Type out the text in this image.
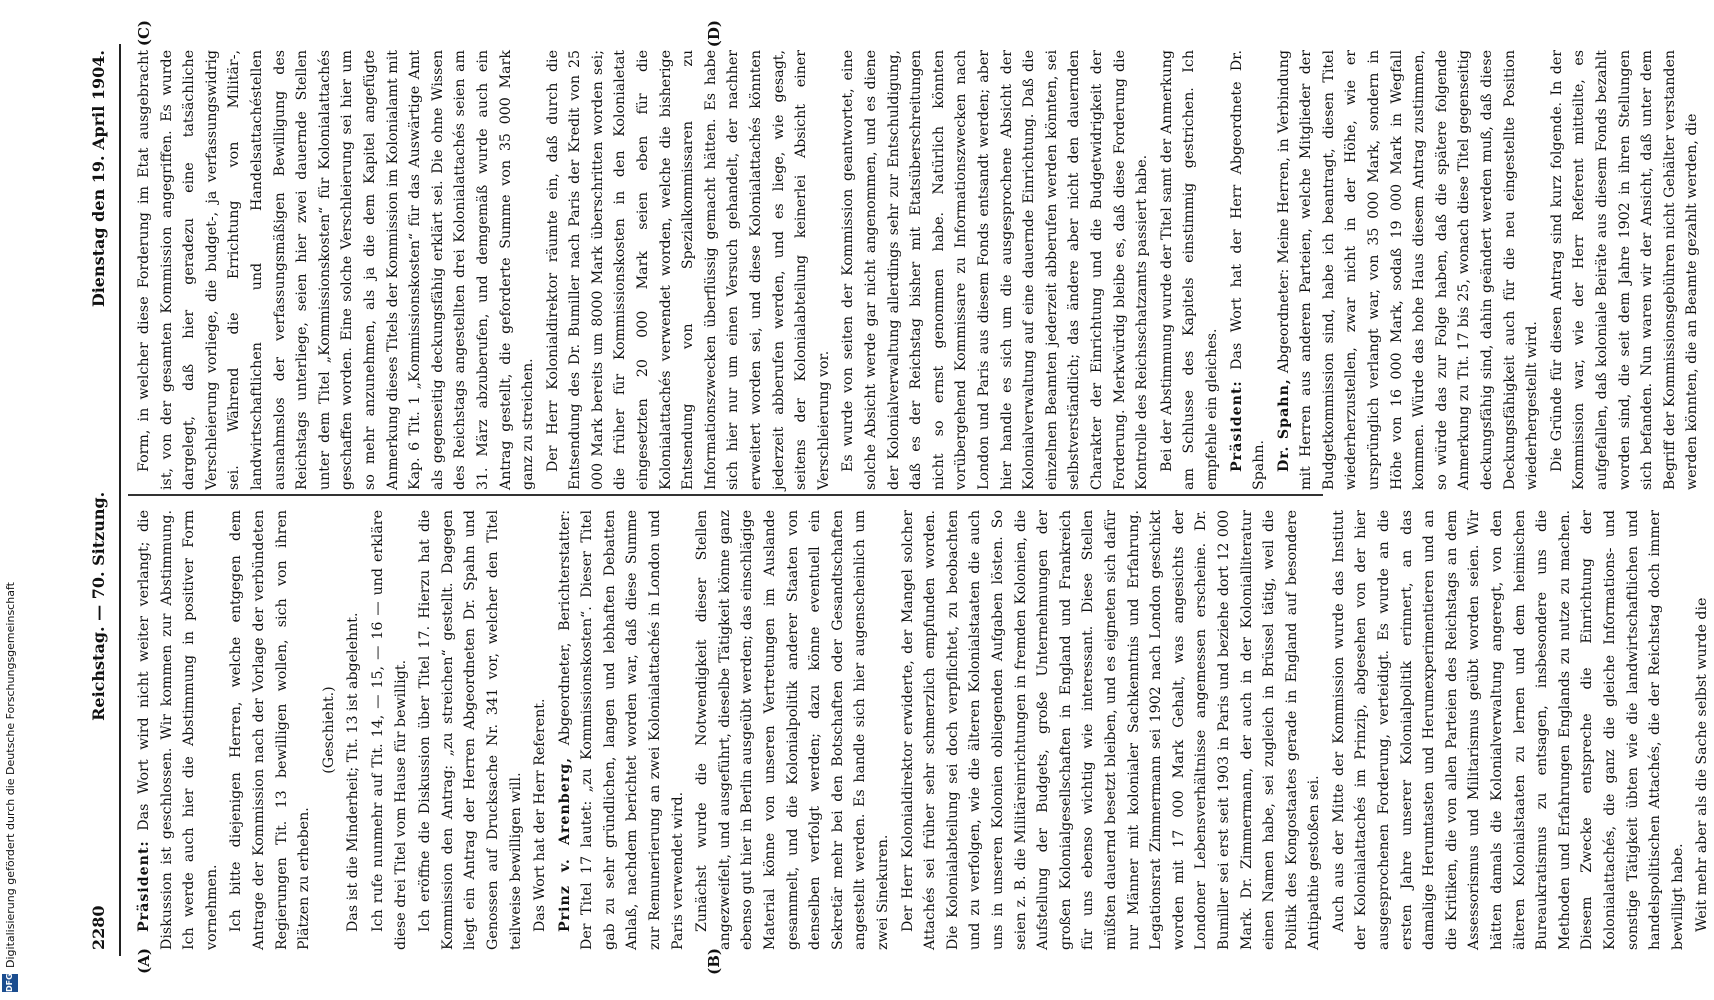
2280
Reichstag. — 70. Sitzung.
Dienstag den 19. April 1904.
(A)	(B)
(C)	(D)

Präsident: Das Wort wird nicht weiter verlangt; die Diskussion ist geschlossen. Wir kommen zur Abstimmung. Ich werde auch hier die Abstimmung in positiver Form vornehmen. Ich bitte diejenigen Herren, welche entgegen dem Antrage der Kommission nach der Vorlage der verbündeten Regierungen Tit. 13 bewilligen wollen, sich von ihren Plätzen zu erheben.

(Geschieht.) Das ist die Minderheit; Tit. 13 ist abgelehnt. Ich rufe nunmehr auf Tit. 14, — 15, — 16 — und erkläre diese drei Titel vom Hause für bewilligt. Ich eröffne die Diskussion über Titel 17. Hierzu hat die Kommission den Antrag: „zu streichen“ gestellt. Dagegen liegt ein Antrag der Herren Abgeordneten Dr. Spahn und Genossen auf Drucksache Nr. 341 vor, welcher den Titel teilweise bewilligen will. Das Wort hat der Herr Referent. Prinz v. Arenberg, Abgeordneter, Berichterstatter: Der Titel 17 lautet: „zu Kommissionskosten“. Dieser Titel gab zu sehr gründlichen, langen und lebhaften Debatten Anlaß, nachdem berichtet worden war, daß diese Summe zur Remunerierung an zwei Kolonialattachés in London und Paris verwendet wird. Zunächst wurde die Notwendigkeit dieser Stellen angezweifelt, und ausgeführt, dieselbe Tätigkeit könne ganz ebenso gut hier in Berlin ausgeübt werden; das einschlägige Material könne von unseren Vertretungen im Auslande gesammelt, und die Kolonialpolitik anderer Staaten von denselben verfolgt werden; dazu könne eventuell ein Sekretär mehr bei den Botschaften oder Gesandtschaften angestellt werden. Es handle sich hier augenscheinlich um zwei Sinekuren. Der Herr Kolonialdirektor erwiderte, der Mangel solcher Attachés sei früher sehr schmerzlich empfunden worden. Die Kolonialabteilung sei doch verpflichtet, zu beobachten und zu verfolgen, wie die älteren Kolonialstaaten die auch uns in unseren Kolonien obliegenden Aufgaben lösten. So seien z. B. die Militäreinrichtungen in fremden Kolonien, die Aufstellung der Budgets, große Unternehmungen der großen Kolonialgesellschaften in England und Frankreich für uns ebenso wichtig wie interessant. Diese Stellen müßten dauernd besetzt bleiben, und es eigneten sich dafür nur Männer mit kolonialer Sachkenntnis und Erfahrung. Legationsrat Zimmermann sei 1902 nach London geschickt worden mit 17 000 Mark Gehalt, was angesichts der Londoner Lebensverhältnisse angemessen erscheine. Dr. Bumiller sei erst seit 1903 in Paris und beziehe dort 12 000 Mark. Dr. Zimmermann, der auch in der Kolonialliteratur einen Namen habe, sei zugleich in Brüssel tätig, weil die Politik des Kongostaates gerade in England auf besondere Antipathie gestoßen sei. Auch aus der Mitte der Kommission wurde das Institut der Kolonialattachés im Prinzip, abgesehen von der hier ausgesprochenen Forderung, verteidigt. Es wurde an die ersten Jahre unserer Kolonialpolitik erinnert, an das damalige Herumtasten und Herumexperimentieren und an die Kritiken, die von allen Parteien des Reichstags an dem Assessorismus und Militarismus geübt worden seien. Wir hätten damals die Kolonialverwaltung angeregt, von den älteren Kolonialstaaten zu lernen und dem heimischen Bureaukratismus zu entsagen, insbesondere uns die Methoden und Erfahrungen Englands zu nutze zu machen. Diesem Zwecke entspreche die Einrichtung der Kolonialattachés, die ganz die gleiche Informations- und sonstige Tätigkeit übten wie die landwirtschaftlichen und handelspolitischen Attachés, die der Reichstag doch immer bewilligt habe. Weit mehr aber als die Sache selbst wurde die

Form, in welcher diese Forderung im Etat ausgebracht ist, von der gesamten Kommission angegriffen. Es wurde dargelegt, daß hier geradezu eine tatsächliche Verschleierung vorliege, die budget-, ja verfassungswidrig sei. Während die Errichtung von Militär-, landwirtschaftlichen und Handelsattachéstellen ausnahmslos der verfassungsmäßigen Bewilligung des Reichstags unterliege, seien hier zwei dauernde Stellen unter dem Titel „Kommissionskosten“ für Kolonialattachés geschaffen worden. Eine solche Verschleierung sei hier um so mehr anzunehmen, als ja die dem Kapitel angefügte Anmerkung dieses Titels der Kommission im Kolonialamt mit Kap. 6 Tit. 1 „Kommissionskosten“ für das Auswärtige Amt als gegenseitig deckungsfähig erklärt sei. Die ohne Wissen des Reichstags angestellten drei Kolonialattachés seien am 31. März abzuberufen, und demgemäß wurde auch ein Antrag gestellt, die geforderte Summe von 35 000 Mark ganz zu streichen. Der Herr Kolonialdirektor räumte ein, daß durch die Entsendung des Dr. Bumiller nach Paris der Kredit von 25 000 Mark bereits um 8000 Mark überschritten worden sei; die früher für Kommissionskosten in den Kolonialetat eingesetzten 20 000 Mark seien eben für die Kolonialattachés verwendet worden, welche die bisherige Entsendung von Spezialkommissaren zu Informationszwecken überflüssig gemacht hätten. Es habe sich hier nur um einen Versuch gehandelt, der nachher erweitert worden sei, und diese Kolonialattachés könnten jederzeit abberufen werden, und es liege, wie gesagt, seitens der Kolonialabteilung keinerlei Absicht einer Verschleierung vor. Es wurde von seiten der Kommission geantwortet, eine solche Absicht werde gar nicht angenommen, und es diene der Kolonialverwaltung allerdings sehr zur Entschuldigung, daß es der Reichstag bisher mit Etatsüberschreitungen nicht so ernst genommen habe. Natürlich könnten vorübergehend Kommissare zu Informationszwecken nach London und Paris aus diesem Fonds entsandt werden; aber hier handle es sich um die ausgesprochene Absicht der Kolonialverwaltung auf eine dauernde Einrichtung. Daß die einzelnen Beamten jederzeit abberufen werden könnten, sei selbstverständlich; das ändere aber nicht den dauernden Charakter der Einrichtung und die Budgetwidrigkeit der Forderung. Merkwürdig bleibe es, daß diese Forderung die Kontrolle des Reichsschatzamts passiert habe. Bei der Abstimmung wurde der Titel samt der Anmerkung am Schlusse des Kapitels einstimmig gestrichen. Ich empfehle ein gleiches. Präsident: Das Wort hat der Herr Abgeordnete Dr. Spahn. Dr. Spahn, Abgeordneter: Meine Herren, in Verbindung mit Herren aus anderen Parteien, welche Mitglieder der Budgetkommission sind, habe ich beantragt, diesen Titel wiederherzustellen, zwar nicht in der Höhe, wie er ursprünglich verlangt war, von 35 000 Mark, sondern in Höhe von 16 000 Mark, sodaß 19 000 Mark in Wegfall kommen. Würde das hohe Haus diesem Antrag zustimmen, so würde das zur Folge haben, daß die spätere folgende Anmerkung zu Tit. 17 bis 25, wonach diese Titel gegenseitig deckungsfähig sind, dahin geändert werden muß, daß diese Deckungsfähigkeit auch für die neu eingestellte Position wiederhergestellt wird. Die Gründe für diesen Antrag sind kurz folgende. In der Kommission war, wie der Herr Referent mitteilte, es aufgefallen, daß koloniale Beiräte aus diesem Fonds bezahlt worden sind, die seit dem Jahre 1902 in ihren Stellungen sich befanden. Nun waren wir der Ansicht, daß unter dem Begriff der Kommissionsgebühren nicht Gehälter verstanden werden könnten, die an Beamte gezahlt werden, die

DFG
Digitalisierung gefördert durch die Deutsche Forschungsgemeinschaft
